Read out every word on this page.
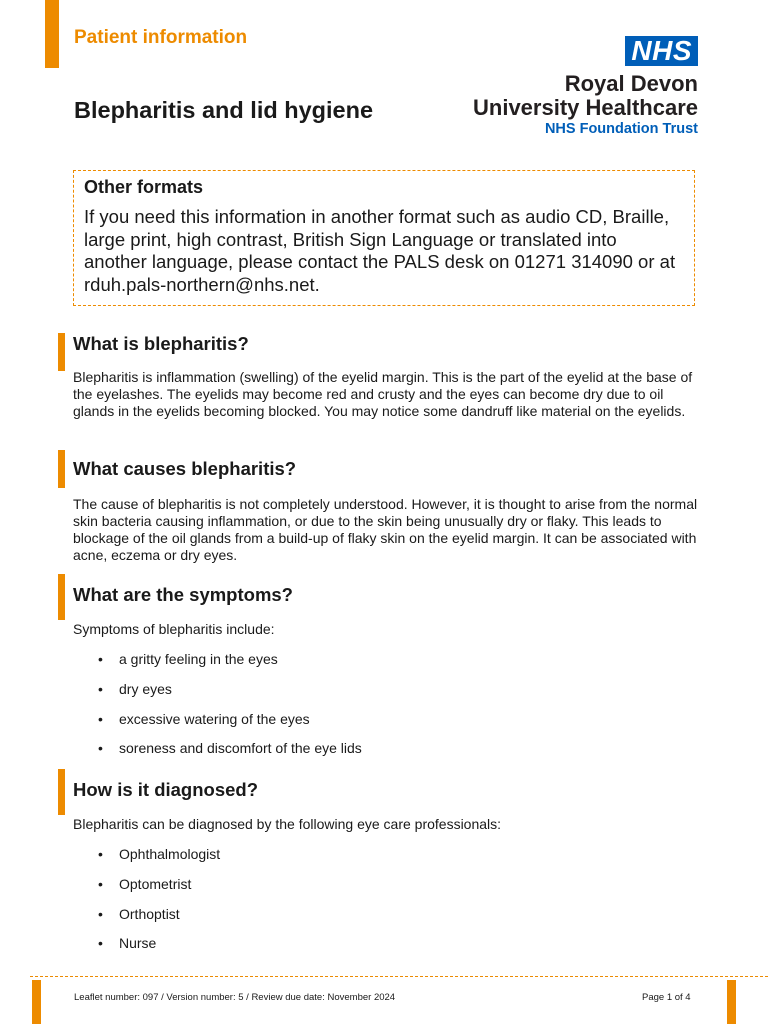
Patient information
Blepharitis and lid hygiene
NHS
Royal Devon
University Healthcare
NHS Foundation Trust
Other formats

If you need this information in another format such as audio CD, Braille, large print, high contrast, British Sign Language or translated into another language, please contact the PALS desk on 01271 314090 or at rduh.pals-northern@nhs.net.

What is blepharitis?

Blepharitis is inflammation (swelling) of the eyelid margin. This is the part of the eyelid at the base of the eyelashes. The eyelids may become red and crusty and the eyes can become dry due to oil glands in the eyelids becoming blocked. You may notice some dandruff like material on the eyelids.

What causes blepharitis?

The cause of blepharitis is not completely understood. However, it is thought to arise from the normal skin bacteria causing inflammation, or due to the skin being unusually dry or flaky. This leads to blockage of the oil glands from a build-up of flaky skin on the eyelid margin. It can be associated with acne, eczema or dry eyes.

What are the symptoms?

Symptoms of blepharitis include:

• a gritty feeling in the eyes
• dry eyes
• excessive watering of the eyes
• soreness and discomfort of the eye lids
How is it diagnosed?

Blepharitis can be diagnosed by the following eye care professionals:

• Ophthalmologist
• Optometrist
• Orthoptist
• Nurse
Leaflet number: 097 / Version number: 5 / Review due date: November 2024	Page 1 of 4
